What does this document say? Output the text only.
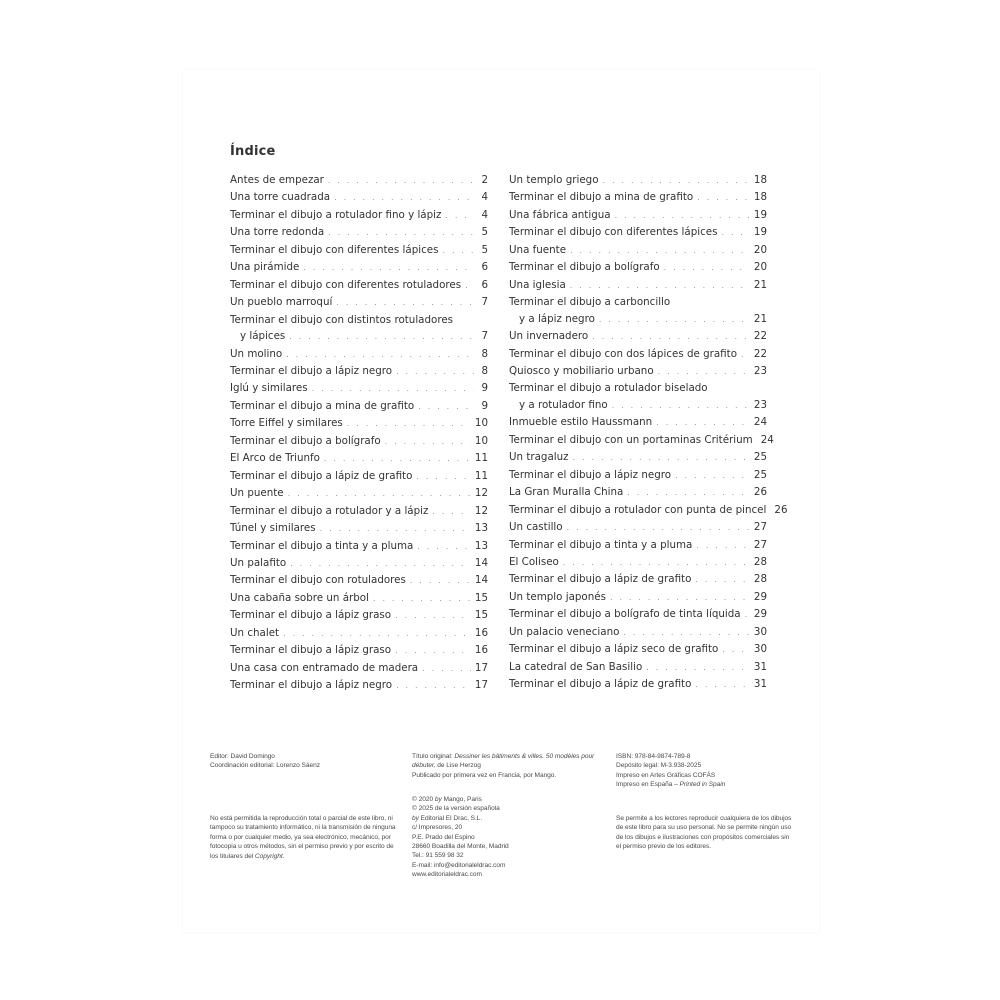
Índice
Antes de empezar . . .	2
Una torre cuadrada . . .	4
Terminar el dibujo a rotulador fino y lápiz . . .	4
Una torre redonda . . .	5
Terminar el dibujo con diferentes lápices . . .	5
Una pirámide . . .	6
Terminar el dibujo con diferentes rotuladores . . .	6
Un pueblo marroquí . . .	7
Terminar el dibujo con distintos rotuladores
y lápices . . .	7
Un molino . . .	8
Terminar el dibujo a lápiz negro . . .	8
Iglú y similares . . .	9
Terminar el dibujo a mina de grafito . . .	9
Torre Eiffel y similares . . .	10
Terminar el dibujo a bolígrafo . . .	10
El Arco de Triunfo . . .	11
Terminar el dibujo a lápiz de grafito . . .	11
Un puente . . .	12
Terminar el dibujo a rotulador y a lápiz . . .	12
Túnel y similares . . .	13
Terminar el dibujo a tinta y a pluma . . .	13
Un palafito . . .	14
Terminar el dibujo con rotuladores . . .	14
Una cabaña sobre un árbol . . .	15
Terminar el dibujo a lápiz graso . . .	15
Un chalet . . .	16
Terminar el dibujo a lápiz graso . . .	16
Una casa con entramado de madera . . .	17
Terminar el dibujo a lápiz negro . . .	17
Un templo griego . . .	18
Terminar el dibujo a mina de grafito . . .	18
Una fábrica antigua . . .	19
Terminar el dibujo con diferentes lápices . . .	19
Una fuente . . .	20
Terminar el dibujo a bolígrafo . . .	20
Una iglesia . . .	21
Terminar el dibujo a carboncillo
y a lápiz negro . . .	21
Un invernadero . . .	22
Terminar el dibujo con dos lápices de grafito . . . 22
Quiosco y mobiliario urbano . . .	23
Terminar el dibujo a rotulador biselado
y a rotulador fino . . .	23
Inmueble estilo Haussmann . . .	24
Terminar el dibujo con un portaminas Critérium 24
Un tragaluz . . .	25
Terminar el dibujo a lápiz negro . . .	25
La Gran Muralla China . . .	26
Terminar el dibujo a rotulador con punta de pincel 26
Un castillo . . .	27
Terminar el dibujo a tinta y a pluma . . .	27
El Coliseo . . .	28
Terminar el dibujo a lápiz de grafito . . .	28
Un templo japonés . . .	29
Terminar el dibujo a bolígrafo de tinta líquida . . . 29
Un palacio veneciano . . .	30
Terminar el dibujo a lápiz seco de grafito . . .	30
La catedral de San Basilio . . .	31
Terminar el dibujo a lápiz de grafito . . .	31

Editor: David Domingo

Coordinación editorial: Lorenzo Sáenz

No está permitida la reproducción total o parcial de este libro, ni tampoco su tratamiento informático, ni la transmisión de ninguna forma o por cualquier medio, ya sea electrónico, mecánico, por fotocopia u otros métodos, sin el permiso previo y por escrito de los titulares del Copyright.

Título original: Dessiner les bâtiments & villes. 50 modèles pour débuter, de Lise Herzog

Publicado por primera vez en Francia, por Mango.

© 2020 by Mango, Paris

© 2025 de la versión española

by Editorial El Drac, S.L.

c/ Impresores, 20

P.E. Prado del Espino

28660 Boadilla del Monte, Madrid

Tel.: 91 559 98 32

E-mail: info@editorialeldrac.com

www.editorialeldrac.com

ISBN: 978-84-9874-789-8

Depósito legal: M-3.938-2025

Impreso en Artes Gráficas COFÁS

Impreso en España – Printed in Spain

Se permite a los lectores reproducir cualquiera de los dibujos de este libro para su uso personal. No se permite ningún uso de los dibujos e ilustraciones con propósitos comerciales sin el permiso previo de los editores.
